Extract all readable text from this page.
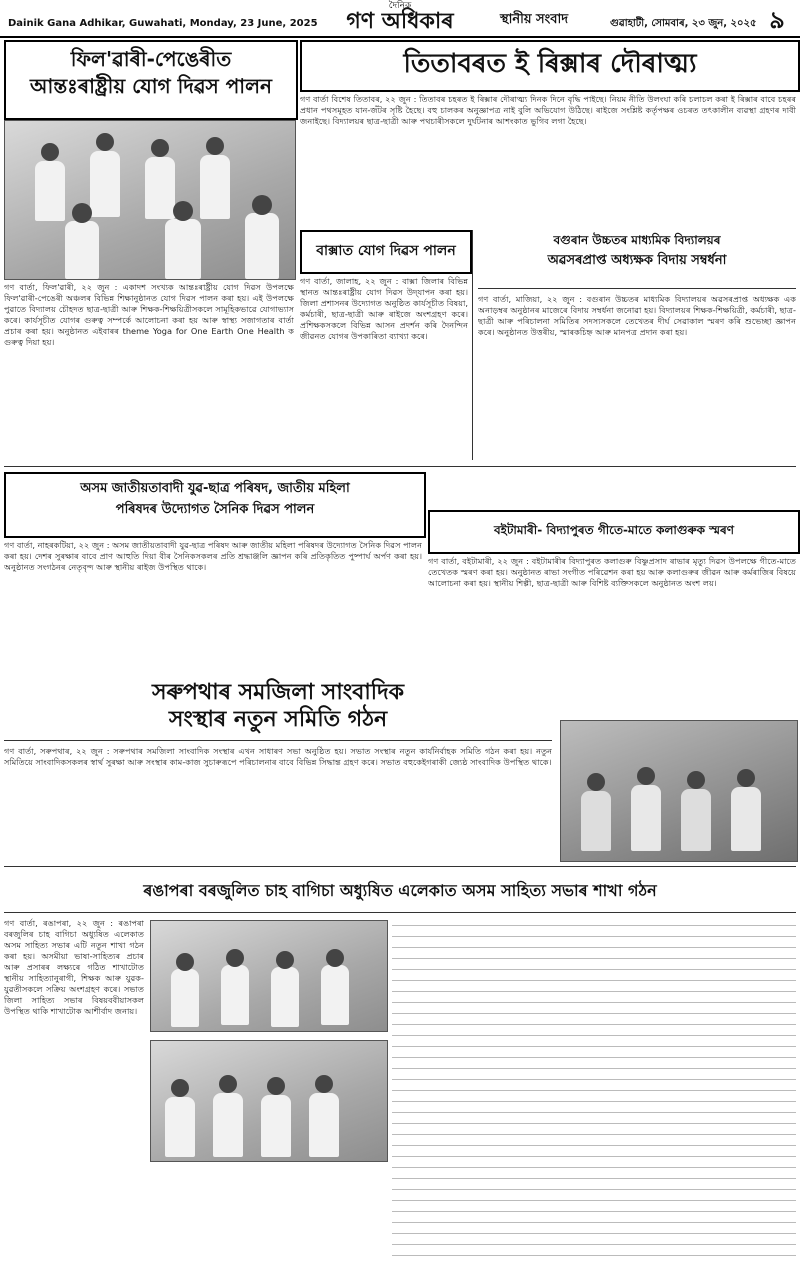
Dainik Gana Adhikar, Guwahati, Monday, 23 June, 2025
দৈনিক
গণ অধিকাৰ	স্থানীয় সংবাদ	গুৱাহাটী, সোমবাৰ, ২৩ জুন, ২০২৫ ৯
ফিল'ৱাৰী-পেঙেৰীত
আন্তঃৰাষ্ট্ৰীয় যোগ দিৱস পালন
গণ বাৰ্তা, ফিল'ৱাৰী, ২২ জুন : একাদশ সংখ্যক আন্তঃৰাষ্ট্ৰীয় যোগ দিৱস উপলক্ষে ফিল'ৱাৰী-পেঙেৰী অঞ্চলৰ বিভিন্ন শিক্ষানুষ্ঠানত যোগ দিৱস পালন কৰা হয়। এই উপলক্ষে পুৱাতে বিদ্যালয় চৌহদত ছাত্ৰ-ছাত্ৰী আৰু শিক্ষক-শিক্ষয়িত্ৰীসকলে সামূহিকভাৱে যোগাভ্যাস কৰে। কাৰ্যসূচীত যোগৰ গুৰুত্ব সম্পৰ্কে আলোচনা কৰা হয় আৰু স্বাস্থ্য সজাগতাৰ বাৰ্তা প্ৰচাৰ কৰা হয়। অনুষ্ঠানত এইবাৰৰ theme Yoga for One Earth One Health ক গুৰুত্ব দিয়া হয়।
তিতাবৰত ই ৰিক্সাৰ দৌৰাত্ম্য
গণ বাৰ্তা বিশেষ তিতাবৰ, ২২ জুন : তিতাবৰ চহৰত ই ৰিক্সাৰ দৌৰাত্ম্য দিনক দিনে বৃদ্ধি পাইছে। নিয়ম নীতি উলংঘা কৰি চলাচল কৰা ই ৰিক্সাৰ বাবে চহৰৰ প্ৰধান পথসমূহত যান-জঁটৰ সৃষ্টি হৈছে। বহু চালকৰ অনুজ্ঞাপত্ৰ নাই বুলি অভিযোগ উঠিছে। ৰাইজে সংশ্লিষ্ট কৰ্তৃপক্ষৰ ওচৰত তৎকালীন ব্যৱস্থা গ্ৰহণৰ দাবী জনাইছে। বিদ্যালয়ৰ ছাত্ৰ-ছাত্ৰী আৰু পথচাৰীসকলে দুৰ্ঘটনাৰ আশংকাত ভুগিব লগা হৈছে।
বাক্সাত যোগ দিৱস পালন
গণ বাৰ্তা, জালাহ, ২২ জুন : বাক্সা জিলাৰ বিভিন্ন স্থানত আন্তঃৰাষ্ট্ৰীয় যোগ দিৱস উদ্‌যাপন কৰা হয়। জিলা প্ৰশাসনৰ উদ্যোগত অনুষ্ঠিত কাৰ্যসূচীত বিষয়া, কৰ্মচাৰী, ছাত্ৰ-ছাত্ৰী আৰু ৰাইজে অংশগ্ৰহণ কৰে। প্ৰশিক্ষকসকলে বিভিন্ন আসন প্ৰদৰ্শন কৰি দৈনন্দিন জীৱনত যোগৰ উপকাৰিতা ব্যাখ্যা কৰে।
বগুৰান উচ্চতৰ মাধ্যমিক বিদ্যালয়ৰ
অৱসৰপ্ৰাপ্ত অধ্যক্ষক বিদায় সম্বৰ্ধনা
গণ বাৰ্তা, মাজিয়া, ২২ জুন : বগুৰান উচ্চতৰ মাধ্যমিক বিদ্যালয়ৰ অৱসৰপ্ৰাপ্ত অধ্যক্ষক এক অনাড়ম্বৰ অনুষ্ঠানৰ মাজেৰে বিদায় সম্বৰ্ধনা জনোৱা হয়। বিদ্যালয়ৰ শিক্ষক-শিক্ষয়িত্ৰী, কৰ্মচাৰী, ছাত্ৰ-ছাত্ৰী আৰু পৰিচালনা সমিতিৰ সদস্যসকলে তেখেতৰ দীৰ্ঘ সেৱাকাল স্মৰণ কৰি শুভেচ্ছা জ্ঞাপন কৰে। অনুষ্ঠানত উত্তৰীয়, স্মাৰকচিহ্ন আৰু মানপত্ৰ প্ৰদান কৰা হয়।
অসম জাতীয়তাবাদী যুৱ-ছাত্ৰ পৰিষদ, জাতীয় মহিলা
পৰিষদৰ উদ্যোগত সৈনিক দিৱস পালন
গণ বাৰ্তা, নাহৰকটিয়া, ২২ জুন : অসম জাতীয়তাবাদী যুৱ-ছাত্ৰ পৰিষদ আৰু জাতীয় মহিলা পৰিষদৰ উদ্যোগত সৈনিক দিৱস পালন কৰা হয়। দেশৰ সুৰক্ষাৰ বাবে প্ৰাণ আহুতি দিয়া বীৰ সৈনিকসকলৰ প্ৰতি শ্ৰদ্ধাঞ্জলি জ্ঞাপন কৰি প্ৰতিকৃতিত পুষ্পাৰ্ঘ অৰ্পণ কৰা হয়। অনুষ্ঠানত সংগঠনৰ নেতৃবৃন্দ আৰু স্থানীয় ৰাইজ উপস্থিত থাকে।
বইটামাৰী- বিদ্যাপুৰত গীতে-মাতে কলাগুৰুক স্মৰণ
গণ বাৰ্তা, বইটামাৰী, ২২ জুন : বইটামাৰীৰ বিদ্যাপুৰত কলাগুৰু বিষ্ণুপ্ৰসাদ ৰাভাৰ মৃত্যু দিৱস উপলক্ষে গীতে-মাতে তেখেতক স্মৰণ কৰা হয়। অনুষ্ঠানত ৰাভা সংগীত পৰিৱেশন কৰা হয় আৰু কলাগুৰুৰ জীৱন আৰু কৰ্মৰাজিৰ বিষয়ে আলোচনা কৰা হয়। স্থানীয় শিল্পী, ছাত্ৰ-ছাত্ৰী আৰু বিশিষ্ট ব্যক্তিসকলে অনুষ্ঠানত অংশ লয়।
সৰুপথাৰ সমজিলা সাংবাদিক
সংস্থাৰ নতুন সমিতি গঠন
গণ বাৰ্তা, সৰুপথাৰ, ২২ জুন : সৰুপথাৰ সমজিলা সাংবাদিক সংস্থাৰ এখন সাধাৰণ সভা অনুষ্ঠিত হয়। সভাত সংস্থাৰ নতুন কাৰ্যনিৰ্বাহক সমিতি গঠন কৰা হয়। নতুন সমিতিয়ে সাংবাদিকসকলৰ স্বাৰ্থ সুৰক্ষা আৰু সংস্থাৰ কাম-কাজ সুচাৰুৰূপে পৰিচালনাৰ বাবে বিভিন্ন সিদ্ধান্ত গ্ৰহণ কৰে। সভাত বহুকেইগৰাকী জ্যেষ্ঠ সাংবাদিক উপস্থিত থাকে।
ৰঙাপৰা বৰজুলিত চাহ বাগিচা অধ্যুষিত এলেকাত অসম সাহিত্য সভাৰ শাখা গঠন
গণ বাৰ্তা, ৰঙাপৰা, ২২ জুন : ৰঙাপৰা বৰজুলিৰ চাহ বাগিচা অধ্যুষিত এলেকাত অসম সাহিত্য সভাৰ এটি নতুন শাখা গঠন কৰা হয়। অসমীয়া ভাষা-সাহিত্যৰ প্ৰচাৰ আৰু প্ৰসাৰৰ লক্ষ্যৰে গঠিত শাখাটোত স্থানীয় সাহিত্যানুৰাগী, শিক্ষক আৰু যুৱক-যুৱতীসকলে সক্ৰিয় অংশগ্ৰহণ কৰে। সভাত জিলা সাহিত্য সভাৰ বিষয়ববীয়াসকল উপস্থিত থাকি শাখাটোক আশীৰ্বাদ জনায়।
